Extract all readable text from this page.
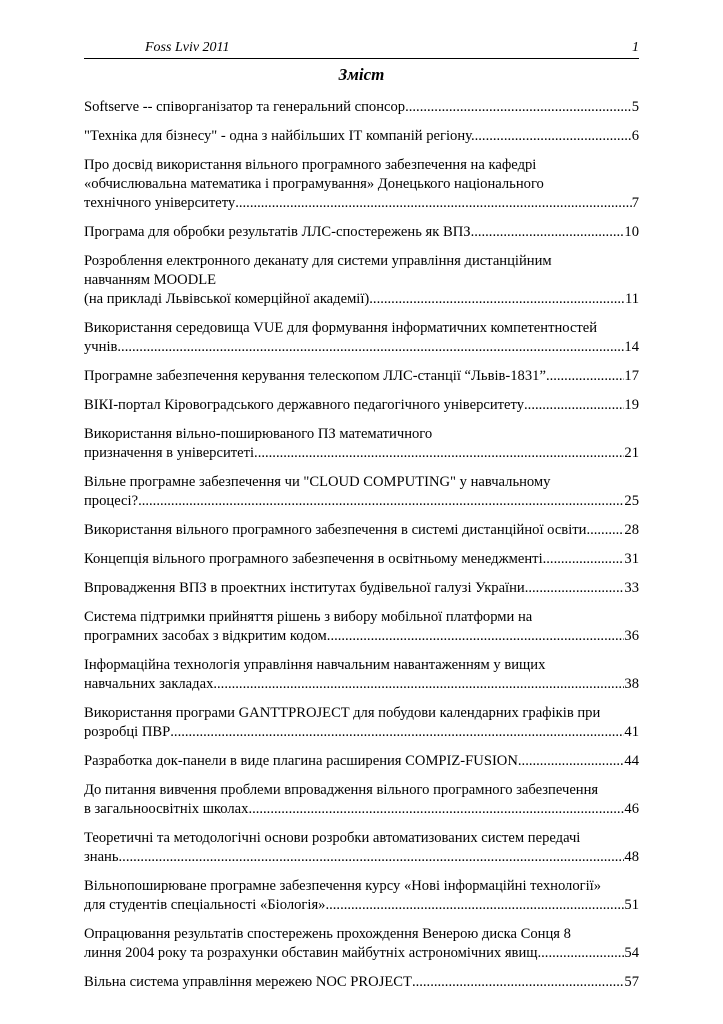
Foss Lviv 2011	1
Зміст
Softserve -- співорганізатор та генеральний спонсор .....	5
"Техніка для бізнесу" - одна з найбільших ІТ компаній регіону. .....	6
Про досвід використання вільного програмного забезпечення на кафедрі
«обчислювальна математика і програмування» Донецького національного
технічного університету .....	7
Програма для обробки результатів ЛЛС-спостережень як ВПЗ .....	10
Розроблення електронного деканату для системи управління дистанційним
навчанням MOODLE
(на прикладі Львівської комерційної академії) .....	11
Використання середовища VUE для формування інформатичних компетентностей
учнів .....	14
Програмне забезпечення керування телескопом ЛЛС-станції “Львів-1831” .....	17
ВІКІ-портал Кіровоградського державного педагогічного університету .....	19
Використання вільно-поширюваного ПЗ математичного
призначення в університеті .....	21
Вільне програмне забезпечення чи "CLOUD COMPUTING" у навчальному
процесі? .....	25
Використання вільного програмного забезпечення в системі дистанційної освіти. ..... 28
Концепція вільного програмного забезпечення в освітньому менеджменті .....	31
Впровадження ВПЗ в проектних інститутах будівельної галузі України .....	33
Система підтримки прийняття рішень з вибору мобільної платформи на
програмних засобах з відкритим кодом .....	36
Інформаційна технологія управління навчальним навантаженням у вищих
навчальних закладах .....	38
Використання програми GANTTPROJECT для побудови календарних графіків при
розробці ПВР .....	41
Разработка док-панели в виде плагина расширения COMPIZ-FUSION .....	44
До питання вивчення проблеми впровадження вільного програмного забезпечення
в загальноосвітніх школах .....	46
Теоретичні та методологічні основи розробки автоматизованих систем передачі
знань .....	48
Вільнопоширюване програмне забезпечення курсу «Нові інформаційні технології»
для студентів спеціальності «Біологія» .....	51
Опрацювання результатів спостережень прохождення Венерою диска Сонця 8
линня 2004 року та розрахунки обставин майбутніх астрономічних явищ .....	54
Вільна система управління мережею NOC PROJECT .....	57
